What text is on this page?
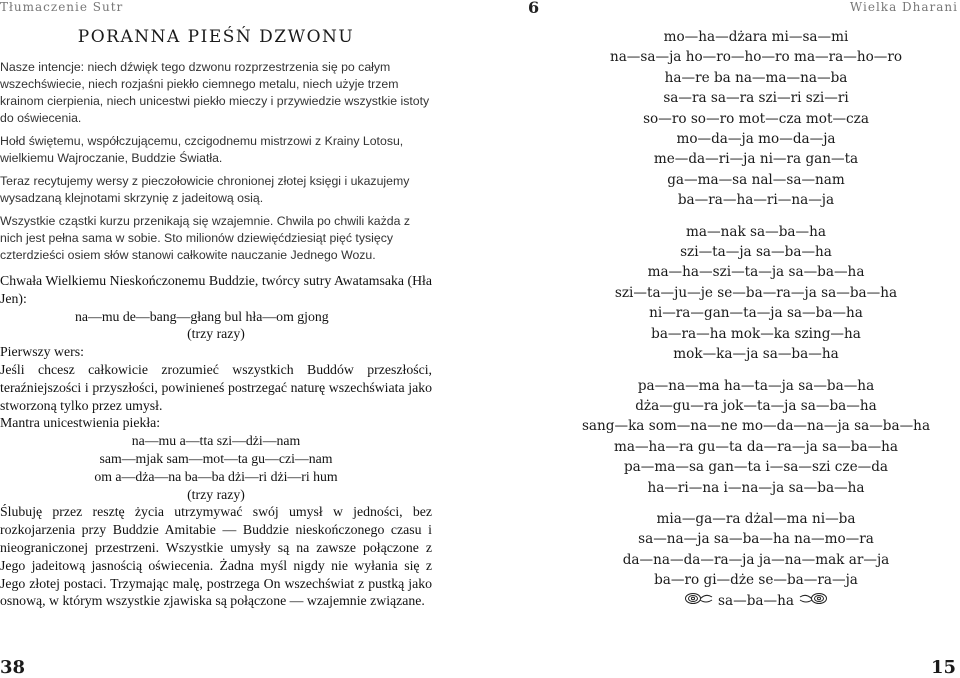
Tłumaczenie Sutr	6	Wielka Dharani
PORANNA PIEŚŃ DZWONU

Nasze intencje: niech dźwięk tego dzwonu rozprzestrzenia się po całym wszechświecie, niech rozjaśni piekło ciemnego metalu, niech użyje trzem krainom cierpienia, niech unicestwi piekło mieczy i przywiedzie wszystkie istoty do oświecenia.

Hołd świętemu, współczującemu, czcigodnemu mistrzowi z Krainy Lotosu, wielkiemu Wajroczanie, Buddzie Światła.

Teraz recytujemy wersy z pieczołowicie chronionej złotej księgi i ukazujemy wysadzaną klejnotami skrzynię z jadeitową osią.

Wszystkie cząstki kurzu przenikają się wzajemnie. Chwila po chwili każda z nich jest pełna sama w sobie. Sto milionów dziewięćdziesiąt pięć tysięcy czterdzieści osiem słów stanowi całkowite nauczanie Jednego Wozu.

Chwała Wielkiemu Nieskończonemu Buddzie, twórcy sutry Awatamsaka (Hła Jen):

na—mu de—bang—głang bul hła—om gjong

(trzy razy)

Pierwszy wers:

Jeśli chcesz całkowicie zrozumieć wszystkich Buddów przeszłości, teraźniejszości i przyszłości, powinieneś postrzegać naturę wszechświata jako stworzoną tylko przez umysł.

Mantra unicestwienia piekła:

na—mu a—tta szi—dżi—nam

sam—mjak sam—mot—ta gu—czi—nam

om a—dża—na ba—ba dżi—ri dżi—ri hum

(trzy razy)

Ślubuję przez resztę życia utrzymywać swój umysł w jedności, bez rozkojarzenia przy Buddzie Amitabie — Buddzie nieskończonego czasu i nieograniczonej przestrzeni. Wszystkie umysły są na zawsze połączone z Jego jadeitową jasnością oświecenia. Żadna myśl nigdy nie wyłania się z Jego złotej postaci. Trzymając malę, postrzega On wszechświat z pustką jako osnową, w którym wszystkie zjawiska są połączone — wzajemnie związane.

mo—ha—dżara mi—sa—mi
na—sa—ja ho—ro—ho—ro ma—ra—ho—ro
ha—re ba na—ma—na—ba
sa—ra sa—ra szi—ri szi—ri
so—ro so—ro mot—cza mot—cza
mo—da—ja mo—da—ja
me—da—ri—ja ni—ra gan—ta
ga—ma—sa nal—sa—nam
ba—ra—ha—ri—na—ja
ma—nak sa—ba—ha
szi—ta—ja sa—ba—ha
ma—ha—szi—ta—ja sa—ba—ha
szi—ta—ju—je se—ba—ra—ja sa—ba—ha
ni—ra—gan—ta—ja sa—ba—ha
ba—ra—ha mok—ka szing—ha
mok—ka—ja sa—ba—ha
pa—na—ma ha—ta—ja sa—ba—ha
dża—gu—ra jok—ta—ja sa—ba—ha
sang—ka som—na—ne mo—da—na—ja sa—ba—ha
ma—ha—ra gu—ta da—ra—ja sa—ba—ha
pa—ma—sa gan—ta i—sa—szi cze—da
ha—ri—na i—na—ja sa—ba—ha
mia—ga—ra dżal—ma ni—ba
sa—na—ja sa—ba—ha na—mo—ra
da—na—da—ra—ja ja—na—mak ar—ja
ba—ro gi—dże se—ba—ra—ja
sa—ba—ha
38	15
